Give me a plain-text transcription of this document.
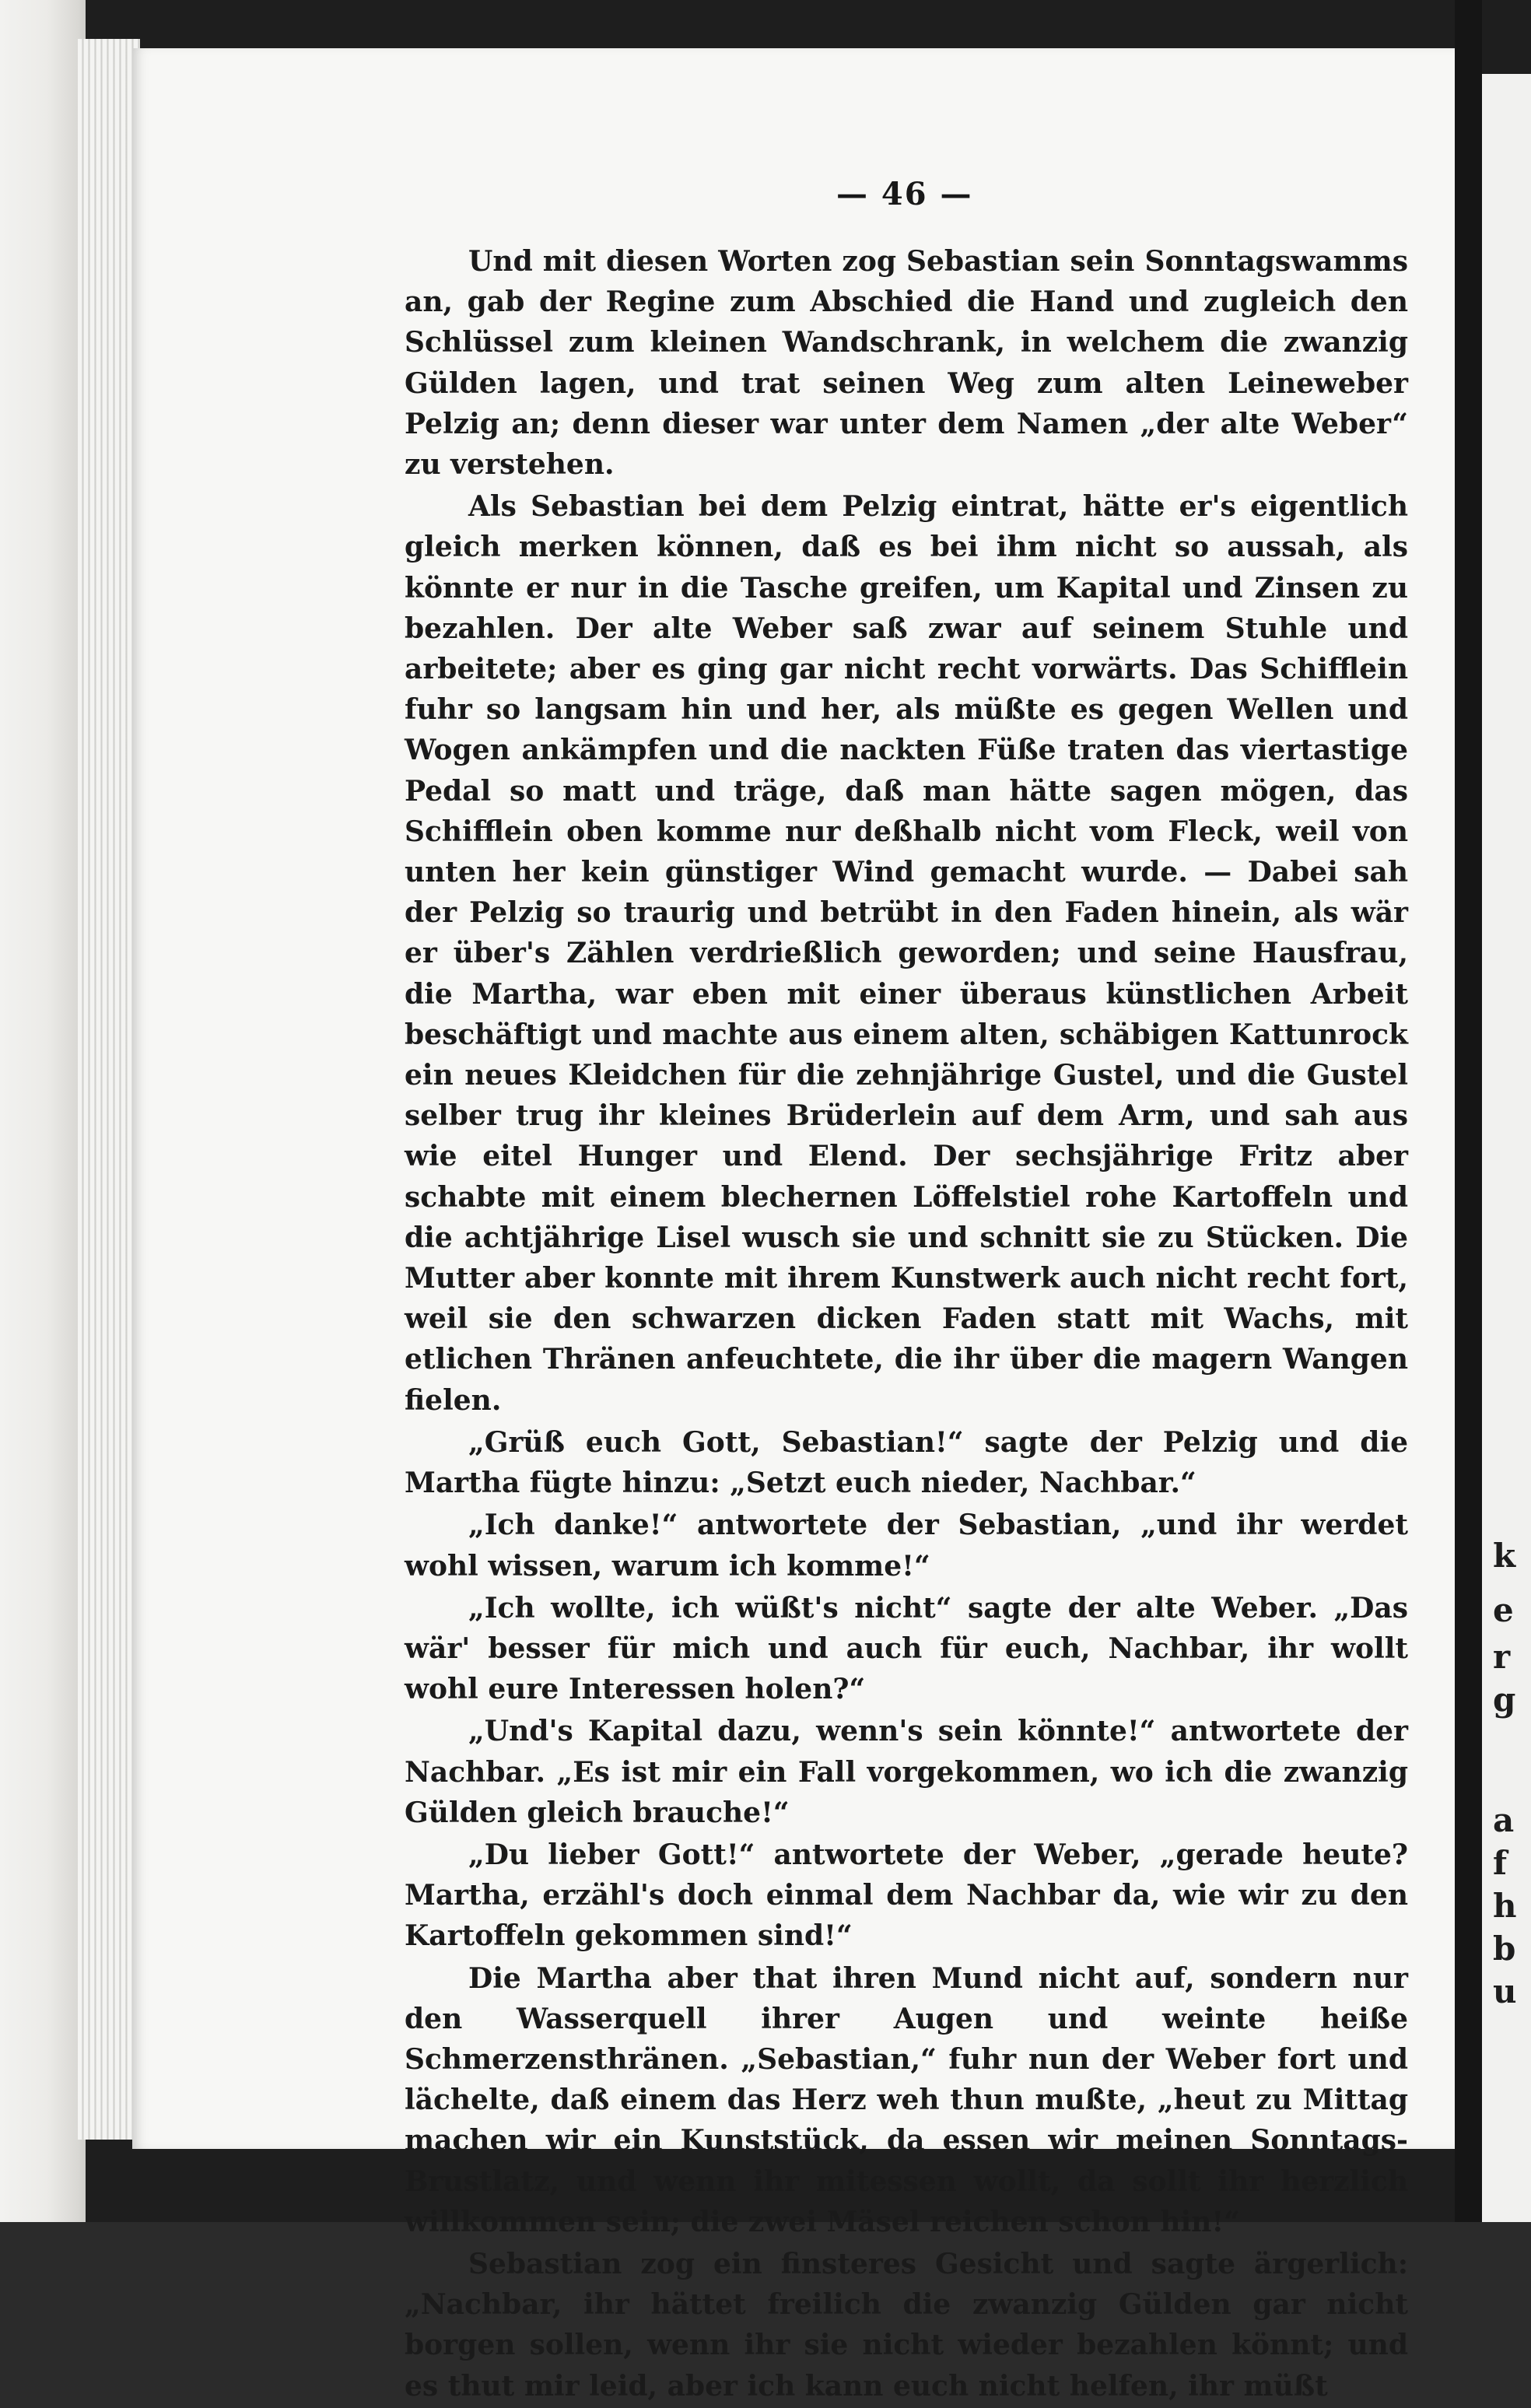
k
e
r
g
a
f
h
b
u
— 46 —

Und mit diesen Worten zog Sebastian sein Sonntagswamms an, gab der Regine zum Abschied die Hand und zugleich den Schlüssel zum kleinen Wandschrank, in welchem die zwanzig Gülden lagen, und trat seinen Weg zum alten Leineweber Pelzig an; denn dieser war unter dem Namen „der alte Weber“ zu verstehen.

Als Sebastian bei dem Pelzig eintrat, hätte er's eigentlich gleich merken können, daß es bei ihm nicht so aussah, als könnte er nur in die Tasche greifen, um Kapital und Zinsen zu bezahlen. Der alte Weber saß zwar auf seinem Stuhle und arbeitete; aber es ging gar nicht recht vorwärts. Das Schifflein fuhr so langsam hin und her, als müßte es gegen Wellen und Wogen ankämpfen und die nackten Füße traten das viertastige Pedal so matt und träge, daß man hätte sagen mögen, das Schifflein oben komme nur deßhalb nicht vom Fleck, weil von unten her kein günstiger Wind gemacht wurde. — Dabei sah der Pelzig so traurig und betrübt in den Faden hinein, als wär er über's Zählen verdrießlich geworden; und seine Hausfrau, die Martha, war eben mit einer überaus künstlichen Arbeit beschäftigt und machte aus einem alten, schäbigen Kattunrock ein neues Kleidchen für die zehnjährige Gustel, und die Gustel selber trug ihr kleines Brüderlein auf dem Arm, und sah aus wie eitel Hunger und Elend. Der sechsjährige Fritz aber schabte mit einem blechernen Löffelstiel rohe Kartoffeln und die achtjährige Lisel wusch sie und schnitt sie zu Stücken. Die Mutter aber konnte mit ihrem Kunstwerk auch nicht recht fort, weil sie den schwarzen dicken Faden statt mit Wachs, mit etlichen Thränen anfeuchtete, die ihr über die magern Wangen fielen.

„Grüß euch Gott, Sebastian!“ sagte der Pelzig und die Martha fügte hinzu: „Setzt euch nieder, Nachbar.“

„Ich danke!“ antwortete der Sebastian, „und ihr werdet wohl wissen, warum ich komme!“

„Ich wollte, ich wüßt's nicht“ sagte der alte Weber. „Das wär' besser für mich und auch für euch, Nachbar, ihr wollt wohl eure Interessen holen?“

„Und's Kapital dazu, wenn's sein könnte!“ antwortete der Nachbar. „Es ist mir ein Fall vorgekommen, wo ich die zwanzig Gülden gleich brauche!“

„Du lieber Gott!“ antwortete der Weber, „gerade heute? Martha, erzähl's doch einmal dem Nachbar da, wie wir zu den Kartoffeln gekommen sind!“

Die Martha aber that ihren Mund nicht auf, sondern nur den Wasserquell ihrer Augen und weinte heiße Schmerzensthränen. „Sebastian,“ fuhr nun der Weber fort und lächelte, daß einem das Herz weh thun mußte, „heut zu Mittag machen wir ein Kunststück, da essen wir meinen Sonntags-Brustlatz, und wenn ihr mitessen wollt, da sollt ihr herzlich willkommen sein; die zwei Mäsel reichen schon hin!“

Sebastian zog ein finsteres Gesicht und sagte ärgerlich: „Nachbar, ihr hättet freilich die zwanzig Gülden gar nicht borgen sollen, wenn ihr sie nicht wieder bezahlen könnt; und es thut mir leid, aber ich kann euch nicht helfen, ihr müßt
